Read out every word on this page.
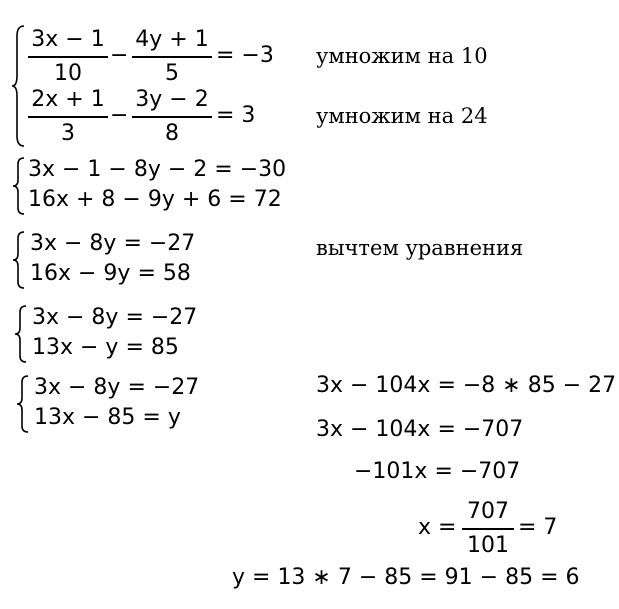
3x − 1
10
−
4y + 1
5
= −3 умножим на 10
2x + 1
3
−
3y − 2
8
= 3	умножим на 24
3x − 1 − 8y − 2 = −30
16x + 8 − 9y + 6 = 72
3x − 8y = −27
16x − 9y = 58
вычтем уравнения
3x − 8y = −27
13x − y = 85
3x − 8y = −27
13x − 85 = y
3x − 104x = −8 ∗ 85 − 27
3x − 104x = −707
−101x = −707
x =
707
101
= 7
y = 13 ∗ 7 − 85 = 91 − 85 = 6
